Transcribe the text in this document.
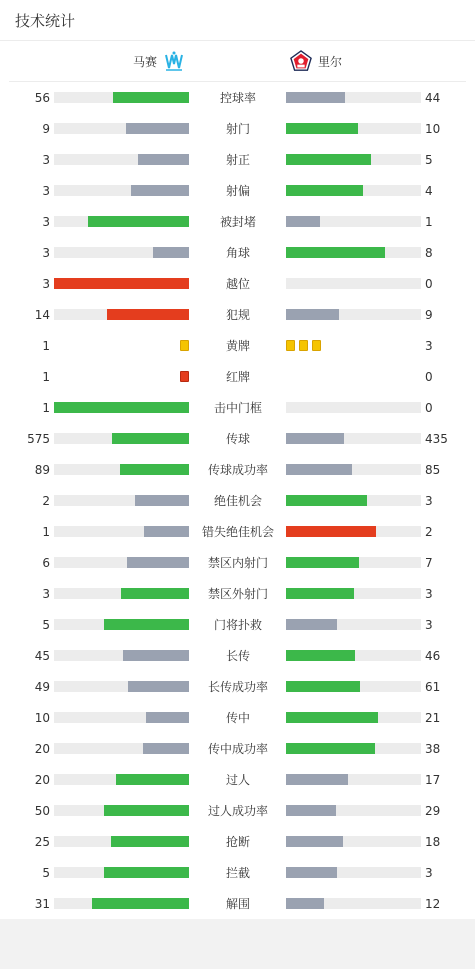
技术统计
马赛	里尔
56	控球率	44
9	射门	10
3	射正	5
3	射偏	4
3	被封堵	1
3	角球	8
3	越位	0
14	犯规	9
1	黄牌	3
1	红牌	0
1	击中门框	0
575	传球	435
89	传球成功率	85
2	绝佳机会	3
1	错失绝佳机会	2
6	禁区内射门	7
3	禁区外射门	3
5	门将扑救	3
45	长传	46
49	长传成功率	61
10	传中	21
20	传中成功率	38
20	过人	17
50	过人成功率	29
25	抢断	18
5	拦截	3
31	解围	12
